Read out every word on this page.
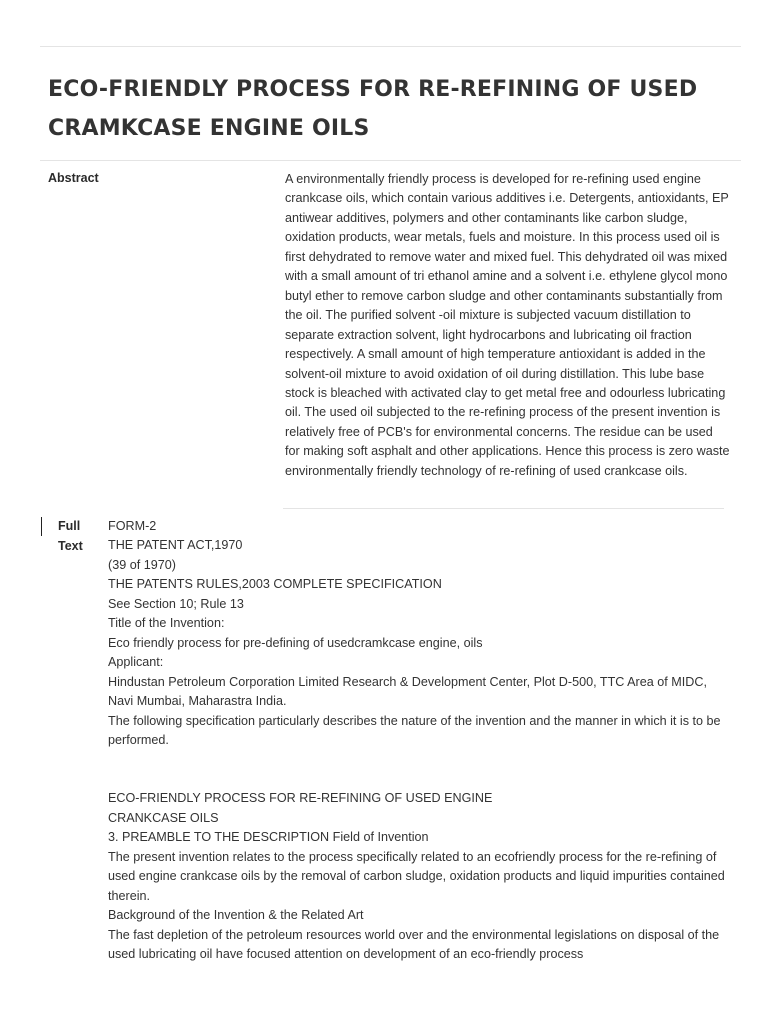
ECO-FRIENDLY PROCESS FOR RE-REFINING OF USED CRAMKCASE ENGINE OILS
Abstract	A environmentally friendly process is developed for re-refining used engine crankcase oils, which contain various additives i.e. Detergents, antioxidants, EP antiwear additives, polymers and other contaminants like carbon sludge, oxidation products, wear metals, fuels and moisture. In this process used oil is first dehydrated to remove water and mixed fuel. This dehydrated oil was mixed with a small amount of tri ethanol amine and a solvent i.e. ethylene glycol mono butyl ether to remove carbon sludge and other contaminants substantially from the oil. The purified solvent -oil mixture is subjected vacuum distillation to separate extraction solvent, light hydrocarbons and lubricating oil fraction respectively. A small amount of high temperature antioxidant is added in the solvent-oil mixture to avoid oxidation of oil during distillation. This lube base stock is bleached with activated clay to get metal free and odourless lubricating oil. The used oil subjected to the re-refining process of the present invention is relatively free of PCB's for environmental concerns. The residue can be used for making soft asphalt and other applications. Hence this process is zero waste environmentally friendly technology of re-refining of used crankcase oils.

Full
Text

FORM-2

THE PATENT ACT,1970

(39 of 1970)

THE PATENTS RULES,2003 COMPLETE SPECIFICATION

See Section 10; Rule 13

Title of the Invention:

Eco friendly process for pre-defining of usedcramkcase engine, oils

Applicant:

Hindustan Petroleum Corporation Limited Research & Development Center, Plot D-500, TTC Area of MIDC, Navi Mumbai, Maharastra India.

The following specification particularly describes the nature of the invention and the manner in which it is to be performed.

ECO-FRIENDLY PROCESS FOR RE-REFINING OF USED ENGINE

CRANKCASE OILS

3. PREAMBLE TO THE DESCRIPTION Field of Invention

The present invention relates to the process specifically related to an ecofriendly process for the re-refining of used engine crankcase oils by the removal of carbon sludge, oxidation products and liquid impurities contained therein.

Background of the Invention & the Related Art

The fast depletion of the petroleum resources world over and the environmental legislations on disposal of the used lubricating oil have focused attention on development of an eco-friendly process
